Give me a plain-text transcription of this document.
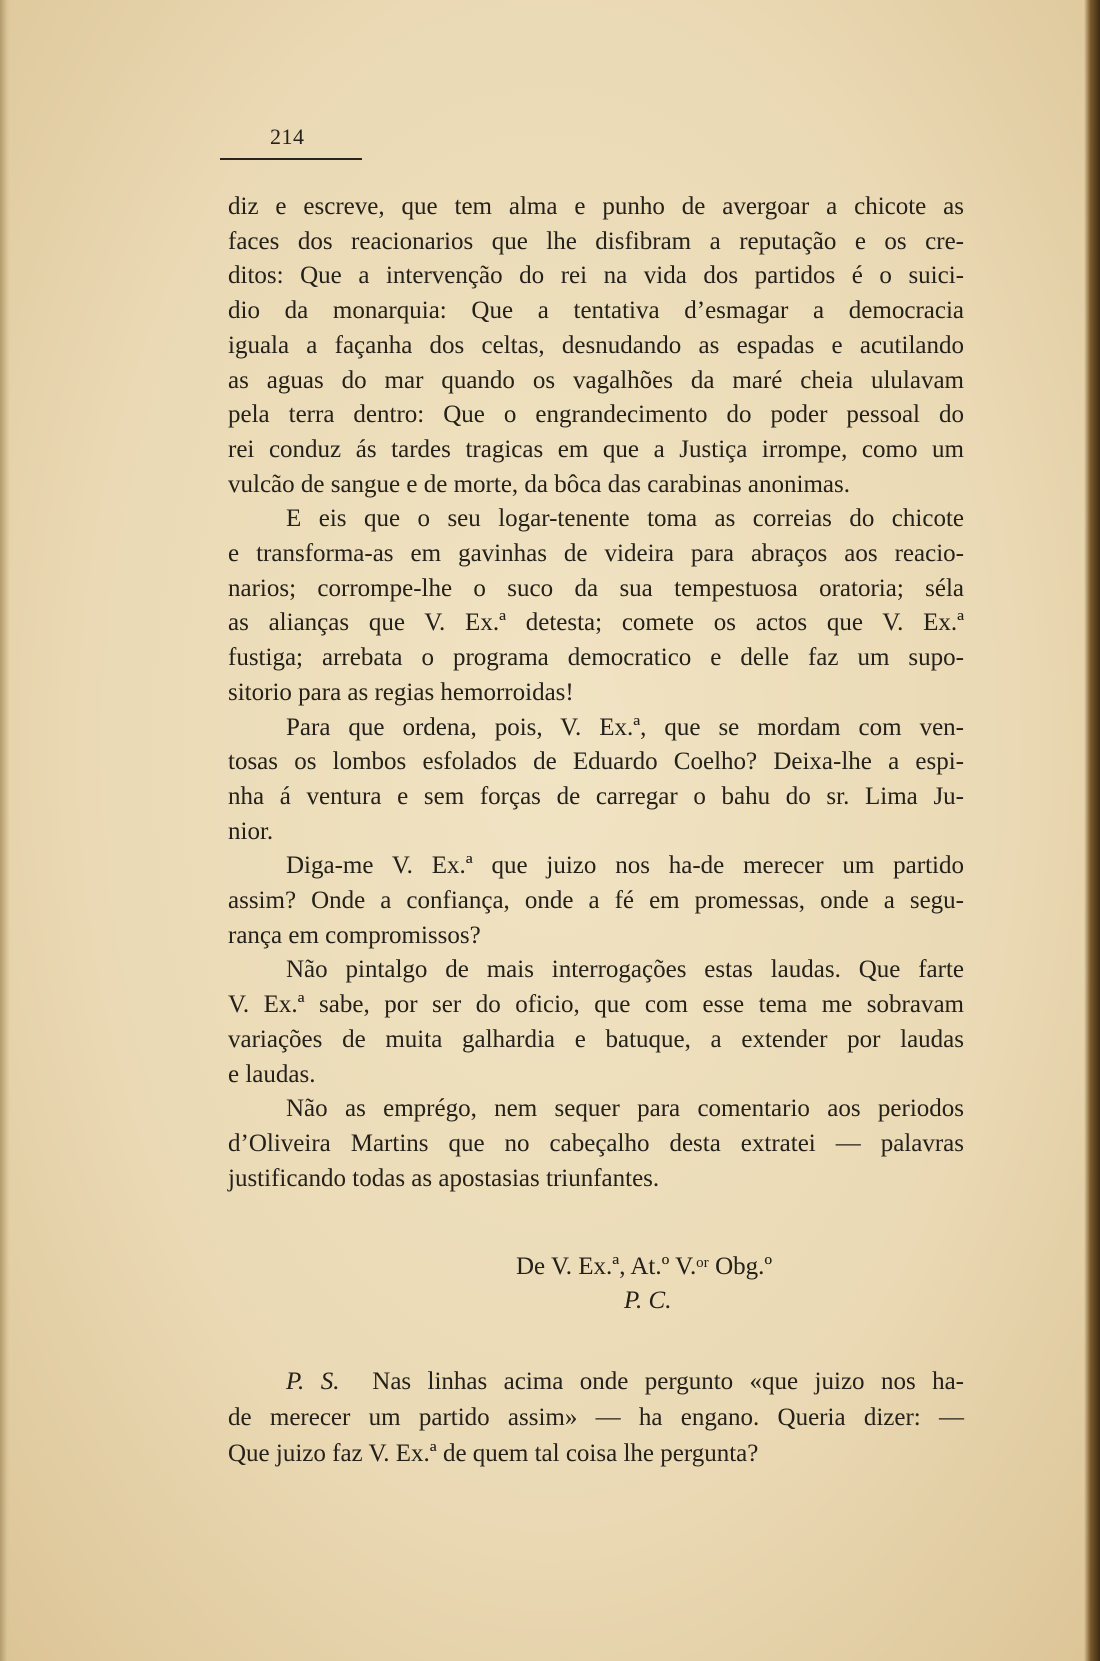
214
diz e escreve, que tem alma e punho de avergoar a chicote as
faces dos reacionarios que lhe disfibram a reputação e os cre-
ditos: Que a intervenção do rei na vida dos partidos é o suici-
dio da monarquia: Que a tentativa d’esmagar a democracia
iguala a façanha dos celtas, desnudando as espadas e acutilando
as aguas do mar quando os vagalhões da maré cheia ululavam
pela terra dentro: Que o engrandecimento do poder pessoal do
rei conduz ás tardes tragicas em que a Justiça irrompe, como um
vulcão de sangue e de morte, da bôca das carabinas anonimas.
E eis que o seu logar-tenente toma as correias do chicote
e transforma-as em gavinhas de videira para abraços aos reacio-
narios; corrompe-lhe o suco da sua tempestuosa oratoria; séla
as alianças que V. Ex.ª detesta; comete os actos que V. Ex.ª
fustiga; arrebata o programa democratico e delle faz um supo-
sitorio para as regias hemorroidas!
Para que ordena, pois, V. Ex.ª, que se mordam com ven-
tosas os lombos esfolados de Eduardo Coelho? Deixa-lhe a espi-
nha á ventura e sem forças de carregar o bahu do sr. Lima Ju-
nior.
Diga-me V. Ex.ª que juizo nos ha-de merecer um partido
assim? Onde a confiança, onde a fé em promessas, onde a segu-
rança em compromissos?
Não pintalgo de mais interrogações estas laudas. Que farte
V. Ex.ª sabe, por ser do oficio, que com esse tema me sobravam
variações de muita galhardia e batuque, a extender por laudas
e laudas.
Não as emprégo, nem sequer para comentario aos periodos
d’Oliveira Martins que no cabeçalho desta extratei — palavras
justificando todas as apostasias triunfantes.
De V. Ex.ª, At.º V.ᵒʳ Obg.º
P. C.
P. S. Nas linhas acima onde pergunto «que juizo nos ha-
de merecer um partido assim» — ha engano. Queria dizer: —
Que juizo faz V. Ex.ª de quem tal coisa lhe pergunta?
